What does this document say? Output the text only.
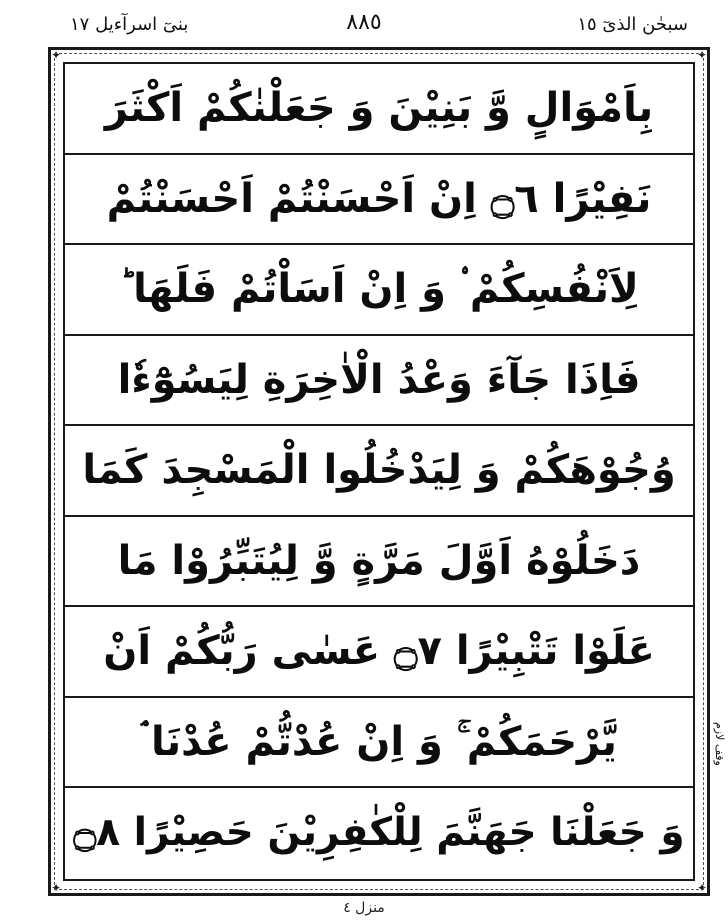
بنیٓ اسرآءیل ١٧	٨٨٥	سبحٰن الذیٓ ١٥
✦	✦
✦	✦
بِاَمْوَالٍ وَّ بَنِیْنَ وَ جَعَلْنٰكُمْ اَكْثَرَ
نَفِیْرًا ۝٦ اِنْ اَحْسَنْتُمْ اَحْسَنْتُمْ
لِاَنْفُسِكُمْ ۟ وَ اِنْ اَسَاْتُمْ فَلَهَا ؕ
فَاِذَا جَآءَ وَعْدُ الْاٰخِرَةِ لِیَسُوْٓءٗا
وُجُوْهَكُمْ وَ لِیَدْخُلُوا الْمَسْجِدَ كَمَا
دَخَلُوْهُ اَوَّلَ مَرَّةٍ وَّ لِیُتَبِّرُوْا مَا
عَلَوْا تَتْبِیْرًا ۝٧ عَسٰی رَبُّكُمْ اَنْ
یَّرْحَمَكُمْ ۚ وَ اِنْ عُدْتُّمْ عُدْنَا ۘ
وَ جَعَلْنَا جَهَنَّمَ لِلْكٰفِرِیْنَ حَصِیْرًا ۝٨
وقف لازم
منزل ٤
